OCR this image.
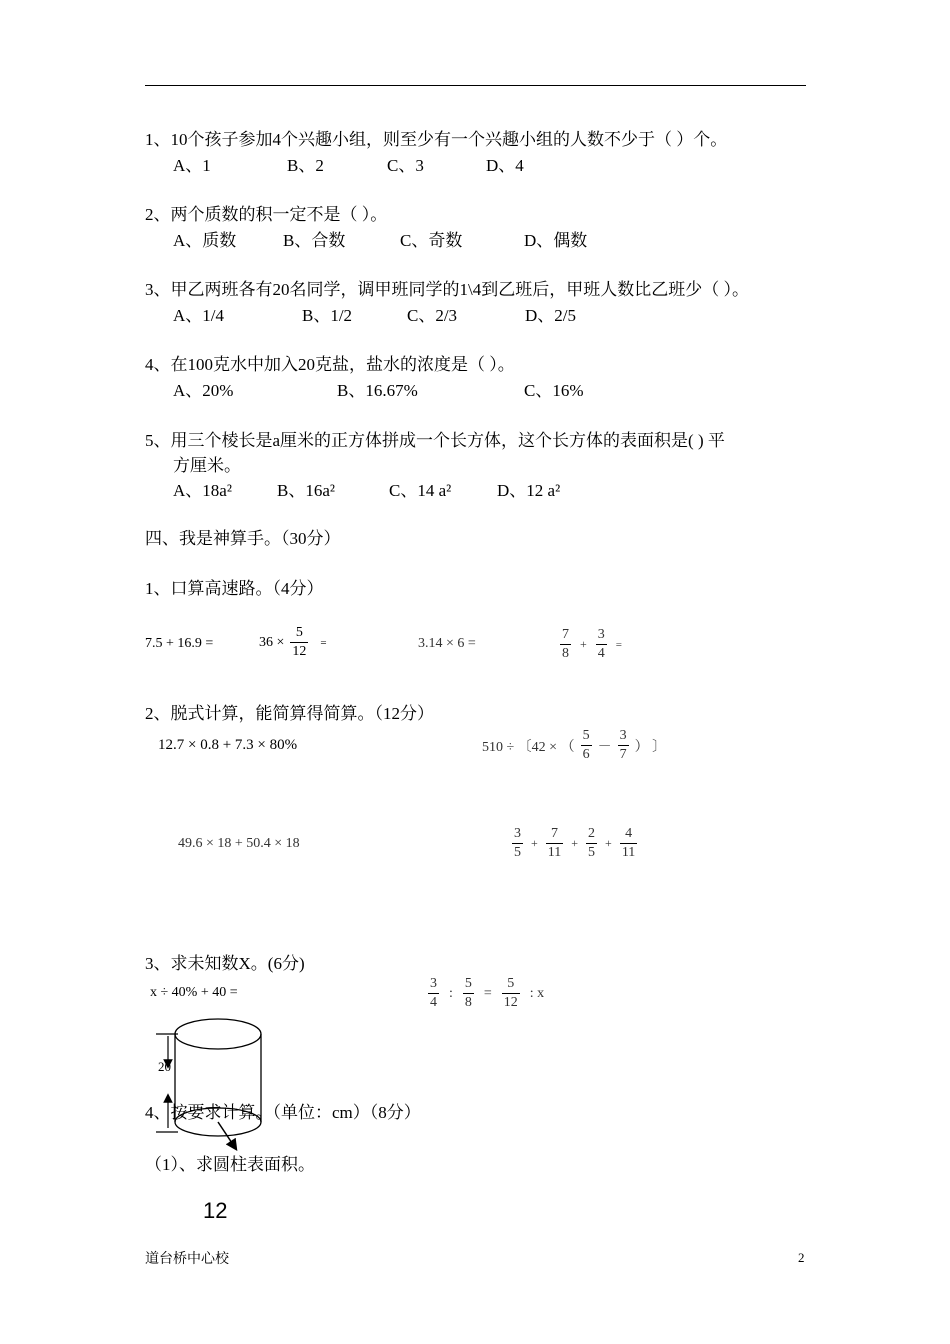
1、10个孩子参加4个兴趣小组，则至少有一个兴趣小组的人数不少于（ ）个。
A、1	B、2	C、3	D、4
2、两个质数的积一定不是（ ）。
A、质数	B、合数	C、奇数	D、偶数
3、甲乙两班各有20名同学，调甲班同学的1\4到乙班后，甲班人数比乙班少（ ）。
A、1/4	B、1/2	C、2/3	D、2/5
4、在100克水中加入20克盐，盐水的浓度是（ ）。
A、20%	B、16.67%	C、16%
5、用三个棱长是a厘米的正方体拼成一个长方体，这个长方体的表面积是( ) 平
方厘米。
A、18a²	B、16a²	C、14 a²	D、12 a²
四、我是神算手。（30分）
1、口算高速路。（4分）
7.5 + 16.9 =	$36 \times \frac{5}{12}$ =	3.14 × 6 =	$\frac{7}{8} + \frac{3}{4}$ =
2、脱式计算，能简算得简算。（12分）
12.7 × 0.8 + 7.3 × 80%	510 ÷ 〔42 × （ $\frac{5}{6} - \frac{3}{7}$ ） 〕
49.6 × 18 + 50.4 × 18	$\frac{3}{5} + \frac{7}{11} + \frac{2}{5} + \frac{4}{11}$
3、求未知数X。(6分)
x ÷ 40% + 40 =	$\frac{3}{4}$ : $\frac{5}{8} = \frac{5}{12}$ : x
4、按要求计算。（单位：cm）（8分）
（1）、求圆柱表面积。
20
12
道台桥中心校	2
